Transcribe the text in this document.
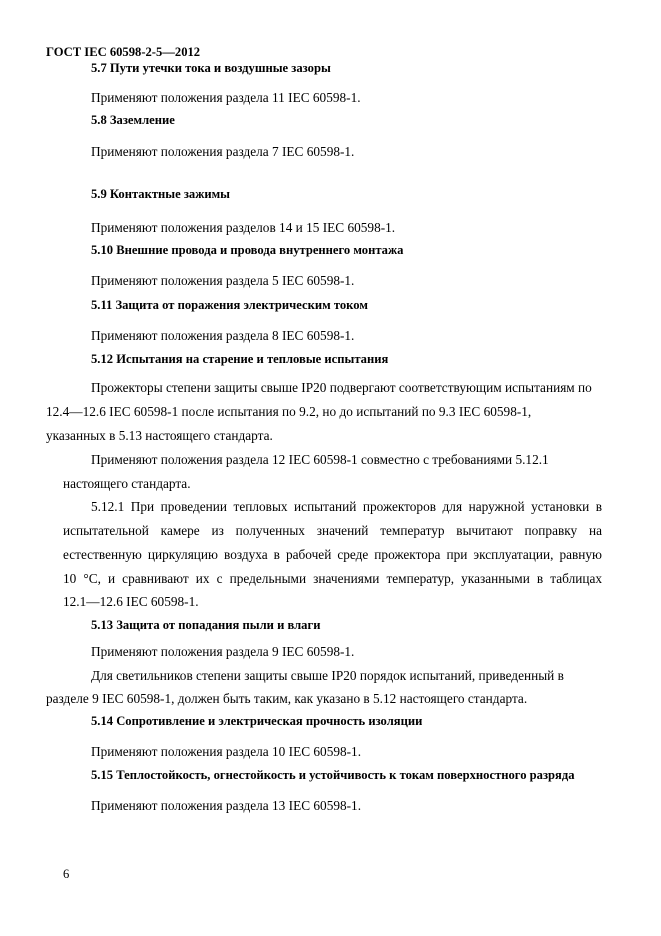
ГОСТ IEC 60598-2-5—2012
5.7 Пути утечки тока и воздушные зазоры
Применяют положения раздела 11 IEC 60598-1.
5.8 Заземление
Применяют положения раздела 7 IEC 60598-1.
5.9 Контактные зажимы
Применяют положения разделов 14 и 15 IEC 60598-1.
5.10 Внешние провода и провода внутреннего монтажа
Применяют положения раздела 5 IEC 60598-1.
5.11 Защита от поражения электрическим током
Применяют положения раздела 8 IEC 60598-1.
5.12 Испытания на старение и тепловые испытания
Прожекторы степени защиты свыше IP20 подвергают соответствующим испытаниям по
12.4—12.6 IEC 60598-1 после испытания по 9.2, но до испытаний по 9.3 IEC 60598-1,
указанных в 5.13 настоящего стандарта.
Применяют положения раздела 12 IEC 60598-1 совместно с требованиями 5.12.1
настоящего стандарта.
5.12.1 При проведении тепловых испытаний прожекторов для наружной установки в
испытательной камере из полученных значений температур вычитают поправку на
естественную циркуляцию воздуха в рабочей среде прожектора при эксплуатации, равную
10 °С, и сравнивают их с предельными значениями температур, указанными в таблицах
12.1—12.6 IEC 60598-1.
5.13 Защита от попадания пыли и влаги
Применяют положения раздела 9 IEC 60598-1.
Для светильников степени защиты свыше IP20 порядок испытаний, приведенный в
разделе 9 IEC 60598-1, должен быть таким, как указано в 5.12 настоящего стандарта.
5.14 Сопротивление и электрическая прочность изоляции
Применяют положения раздела 10 IEC 60598-1.
5.15 Теплостойкость, огнестойкость и устойчивость к токам поверхностного разряда
Применяют положения раздела 13 IEC 60598-1.
6
